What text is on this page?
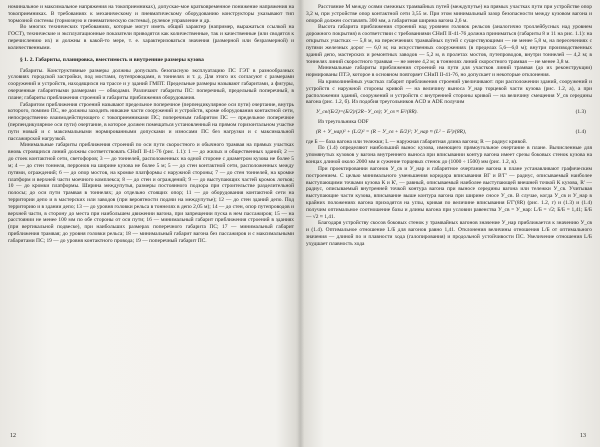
номинальное и максимальное напряжения на токоприемниках), допускае-мое кратковременное понижение напряжения на токоприемниках. В требованиях к механическому и пневматическому оборудованию конструкторы указывают тип тормозной системы (тормозную и пневматическую системы), рулевое управление и др.

Во многих технических требованиях, которые могут иметь общий характер (например, выражаться ссылкой на ГОСТ), технические и эксплуатационные показатели приводятся как количественные, так и качественные (или сводятся к перечислению их) и должны в какой-то мере, т. е. характеризоваться значения (размерной или безразмерной) и количественными.

§ 1. 2. Габариты, планировка, вместимость и внутренние размеры кузова

Габариты. Конструктивные размеры должны допускать безопасную эксплуатацию ПС ГЭТ в разнообразных условиях городской застройки, под мостами, путепроводами, в тоннелях и т. д. Для этого их согласуют с размерами сооружений и устройств, находящихся на трассе и у зданий ГМПТ. Предельные размеры называют габаритами, а фигуры, очерченные габаритными размерами — обводами. Различают габариты ПС: поперечный, предельный поперечный, в плане; габариты приближения строений и габариты приближения оборудования.

Габаритом приближения строений называют предельное поперечное (перпендикулярное оси пути) очертание, внутрь которого, помимо ПС, не должны заходить никакие части сооружений и устройств, кроме оборудования контактной сети, непосредственно взаимодействующего с токоприемниками ПС; поперечным габаритом ПС — предельное поперечное (перпендикулярное оси пути) очертание, в которое должен помещаться установленный на прямом горизонтальном участке пути новый и с максимальными нормированными допусками и износами ПС без нагрузки и с максимальной пассажирской нагрузкой.

Минимальные габариты приближения строений по оси пути скоростного и обычного трамвая на прямых участках вновь строящихся линий должны соответствовать СНиП II-41-76 (рис. 1.1): 1 — до жилых и общественных зданий; 2 — до стоек контактной сети, светофоров; 3 — до тоннелей, расположенных на одной стороне с диаметром кузова не более 5 м; 4 — до стен тоннеля, перронов на ширине кузова не более 5 м; 5 — до стен контактной сети, расположенных между путями, ограждений; 6 — до опор мостов, на кромке платформы с наружной стороны; 7 — до стен тоннелей, на кромке платформ и верхней части моечного комплекса; 8 — до стен и ограждений; 9 — до выступающих частей кромок лотков; 10 — до кромки платформы. Ширина междупутья, размеры постоянного подзора при строительстве разделительной полосы; до оси пути трамвая в тоннелях; до отдельно стоящих опор; 11 — до оборудования контактной сети на территории депо и в мастерских или заводов (при вероятности подачи на междупутье); 12 — до стен зданий депо. Под территорию и в здании депо; 13 — до уровня головки рельса в тоннелях в депо 2,05 м); 14 — до стен, опор путепроводов и верхней части, в сторону до места при наибольшем движении вагона, при запрещении пуска в нем пассажиров; 15 — на расстоянии не менее 100 мм по обе стороны от оси пути; 16 — минимальный габарит приближения строений в зданиях (при вертикальной подвеске), при наибольших размерах поперечного габарита ПС; 17 — минимальный габарит приближения трамвая; до уровня головки рельса; 18 — минимальный габарит вагона без пассажиров и с максимальными габаритами ПС; 19 — до уровня контактного провода; 19 — поперечный габарит ПС.

Расстояние М между осями смежных трамвайных путей (междупутье) на прямых участках пути при устройстве опор 3,2 м, при устройстве опор контактной сети 3,55 м. При этом минимальный зазор безопасности между кузовом вагона и опорой должен составлять 300 мм, а габаритная ширина вагона 2,6 м.

Высота габарита приближения строений над уровнем головок рельсов (аналогично троллейбусных над уровнем дорожного покрытия) в соответствии с требованиями СНиП II-41-76 должна приниматься (габариты 8 и 11 на рис. 1.1): на открытых участках — 5,8 м, на пересечениях трамвайных путей с существующими — не менее 5,8 м, на пересечениях с путями железных дорог — 6,0 м; на искусственных сооружениях (в пределах 5,6—6,0 м); внутри производственных зданий депо, мастерских и ремонтных заводов — 5,2 м, в пролетах мостов, путепроводов, внутри тоннелей — 4,2 м; в тоннелях линий скоростного трамвая — не менее 4,2 м; в тоннелях линий скоростного трамвая — не менее 3,8 м.

Минимальные габариты приближения строений на пути для участков линий трамвая (до их реконструкции) нормированы ПТЭ, которое в основном повторяет СНиП II-41-76, но допускает и некоторые отклонения.

На криволинейных участках габарит приближения строений увеличивают: при расположении зданий, сооружений и устройств с наружной стороны кривой — на величину выноса У_нар торцевой части кузова (рис. 1.2, а), а при расположении зданий, сооружений и устройств с внутренней стороны кривой — на величину смещения У_св середины вагона (рис. 1.2, б). Из подобия треугольников ACD и ADE получим

У_св/(Б/2)=(Б/2)/(2R−У_св); У_св ≈ Б²/(8R).	(1.3)

Из треугольника ODF

(R + У_нар)² + (L/2)² = (R − У_св + Б/2)²; У_нар ≈ (L² − Б²)/(8R),	(1.4)

где Б — база вагона или тележки; L — наружная габаритная длина вагона; R — радиус кривой.

По (1.4) определяют наибольший вынос кузова, имеющего прямоугольное очертание в плане. Вычисленные для упомянутых кузовов у вагона внутреннего выноса при вписывании контур вагона имеет срезы боковых стенок кузова на концах длиной около 2000 мм и сужение торцевых стенок до (1000 ÷ 1500) мм (рис. 1.2, в).

При проектировании вагонов У_св и У_нар и габаритное очертание вагона в плане устанавливают графическим построением. С целью минимального уменьшения коридора вписывания ВГ и В'Г' — радиус, описываемый наиболее выступающими точками кузова К и К', — равный, описываемый наиболее выступающей внешней точкой К кузова, R' — радиус, описываемый внутренней точкой контура вагона при выносе середины вагона или тележки У_св. Учитывая выступающие части кузова, вписывание выше контура вагона при ширине сносе У_св. В случае, когда У_св и У_нар в крайних положениях вагона приходятся на углы, кривая по величине вписывания Б'Г'(8R) (рис. 1.2, г) и (1.3) и (1.4) получим оптимальное соотношение базы и длины вагона при условии равенства У_св = У_нар: L/Б = √2; Б/Б = 1,41; Б/Б — √2 ≈ 1,41.

Благодаря устройству скосов боковых стенок у трамвайных вагонов значение У_нар приближается к значению У_св и (1.4). Оптимальное отношение L/Б для вагонов равно 1,41. Отклонения величины отношения L/Б от оптимального значения — длиной по и плавности хода (галопирования) и продольной устойчивости ПС. Увеличение отношения L/Б ухудшает плавность хода

12	13
